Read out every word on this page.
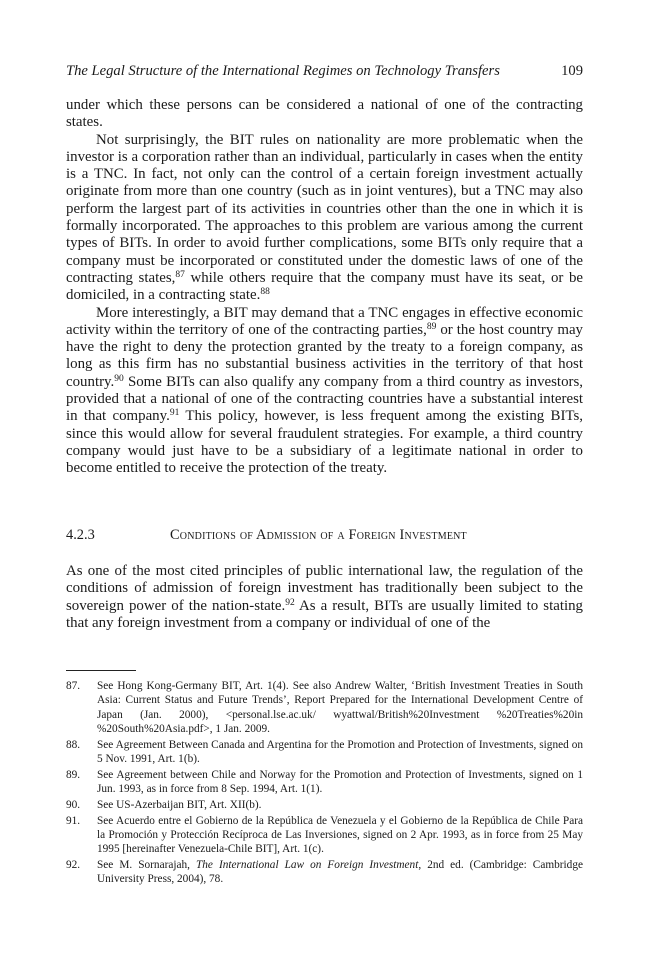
The Legal Structure of the International Regimes on Technology Transfers	109

under which these persons can be considered a national of one of the contracting states.

Not surprisingly, the BIT rules on nationality are more problematic when the investor is a corporation rather than an individual, particularly in cases when the entity is a TNC. In fact, not only can the control of a certain foreign investment actually originate from more than one country (such as in joint ventures), but a TNC may also perform the largest part of its activities in countries other than the one in which it is formally incorporated. The approaches to this problem are various among the current types of BITs. In order to avoid further complications, some BITs only require that a company must be incorporated or constituted under the domestic laws of one of the contracting states,$^{87}$ while others require that the company must have its seat, or be domiciled, in a contracting state.$^{88}$

More interestingly, a BIT may demand that a TNC engages in effective economic activity within the territory of one of the contracting parties,$^{89}$ or the host country may have the right to deny the protection granted by the treaty to a foreign company, as long as this firm has no substantial business activities in the territory of that host country.$^{90}$ Some BITs can also qualify any company from a third country as investors, provided that a national of one of the contracting countries have a substantial interest in that company.$^{91}$ This policy, however, is less frequent among the existing BITs, since this would allow for several fraudulent strategies. For example, a third country company would just have to be a subsidiary of a legitimate national in order to become entitled to receive the protection of the treaty.

4.2.3	Conditions of Admission of a Foreign Investment

As one of the most cited principles of public international law, the regulation of the conditions of admission of foreign investment has traditionally been subject to the sovereign power of the nation-state.$^{92}$ As a result, BITs are usually limited to stating that any foreign investment from a company or individual of one of the

87. See Hong Kong-Germany BIT, Art. 1(4). See also Andrew Walter, ‘British Investment Treaties in South Asia: Current Status and Future Trends’, Report Prepared for the International Development Centre of Japan (Jan. 2000), <personal.lse.ac.uk/ wyattwal/British%20Investment %20Treaties%20in %20South%20Asia.pdf>, 1 Jan. 2009.
88. See Agreement Between Canada and Argentina for the Promotion and Protection of Investments, signed on 5 Nov. 1991, Art. 1(b).
89. See Agreement between Chile and Norway for the Promotion and Protection of Investments, signed on 1 Jun. 1993, as in force from 8 Sep. 1994, Art. 1(1).
90. See US-Azerbaijan BIT, Art. XII(b).
91. See Acuerdo entre el Gobierno de la República de Venezuela y el Gobierno de la República de Chile Para la Promoción y Protección Recíproca de Las Inversiones, signed on 2 Apr. 1993, as in force from 25 May 1995 [hereinafter Venezuela-Chile BIT], Art. 1(c).
92. See M. Sornarajah, The International Law on Foreign Investment, 2nd ed. (Cambridge: Cambridge University Press, 2004), 78.
